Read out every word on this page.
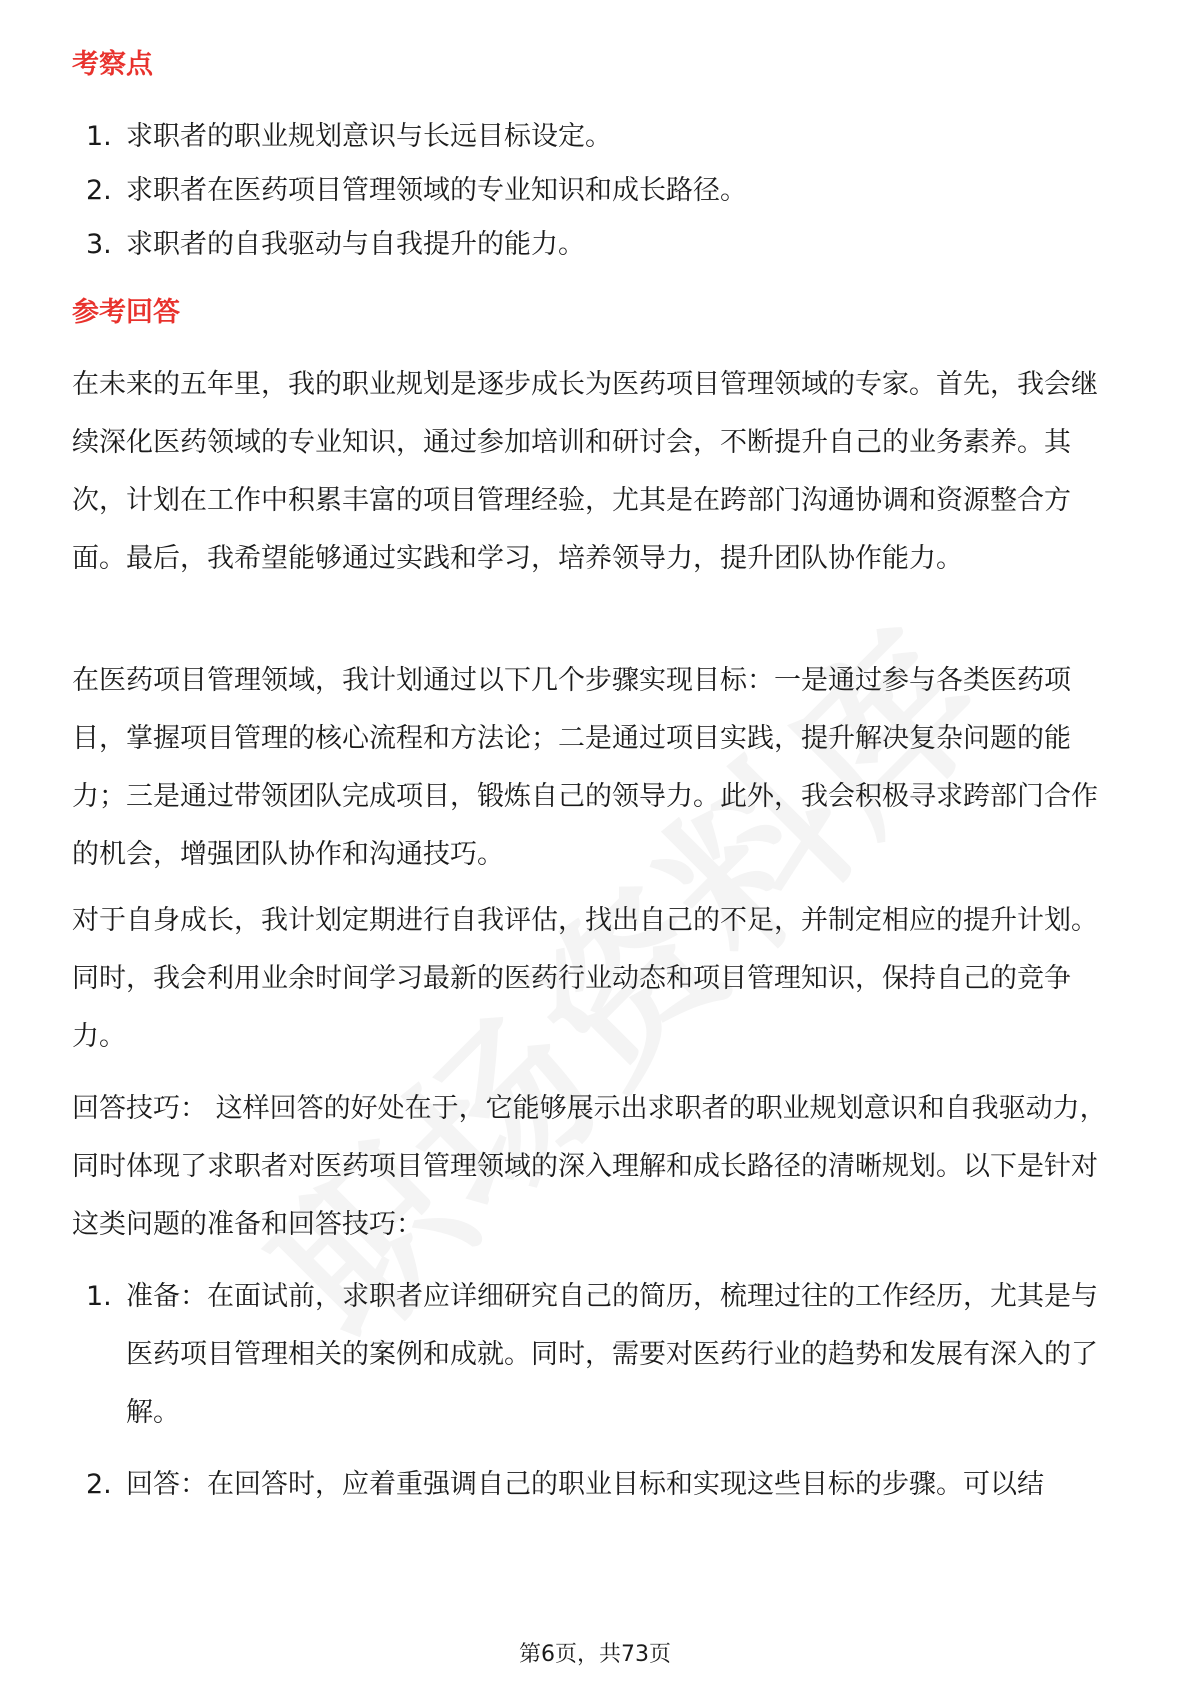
考察点
1. 求职者的职业规划意识与长远目标设定。
2. 求职者在医药项目管理领域的专业知识和成长路径。
3. 求职者的自我驱动与自我提升的能力。
参考回答
在未来的五年里，我的职业规划是逐步成长为医药项目管理领域的专家。首先，我会继续深化医药领域的专业知识，通过参加培训和研讨会，不断提升自己的业务素养。其次，计划在工作中积累丰富的项目管理经验，尤其是在跨部门沟通协调和资源整合方面。最后，我希望能够通过实践和学习，培养领导力，提升团队协作能力。
在医药项目管理领域，我计划通过以下几个步骤实现目标：一是通过参与各类医药项目，掌握项目管理的核心流程和方法论；二是通过项目实践，提升解决复杂问题的能力；三是通过带领团队完成项目，锻炼自己的领导力。此外，我会积极寻求跨部门合作的机会，增强团队协作和沟通技巧。
对于自身成长，我计划定期进行自我评估，找出自己的不足，并制定相应的提升计划。同时，我会利用业余时间学习最新的医药行业动态和项目管理知识，保持自己的竞争力。
回答技巧： 这样回答的好处在于，它能够展示出求职者的职业规划意识和自我驱动力，同时体现了求职者对医药项目管理领域的深入理解和成长路径的清晰规划。以下是针对这类问题的准备和回答技巧：
1. 准备：在面试前，求职者应详细研究自己的简历，梳理过往的工作经历，尤其是与医药项目管理相关的案例和成就。同时，需要对医药行业的趋势和发展有深入的了解。
2. 回答：在回答时，应着重强调自己的职业目标和实现这些目标的步骤。可以结
第6页，共73页
